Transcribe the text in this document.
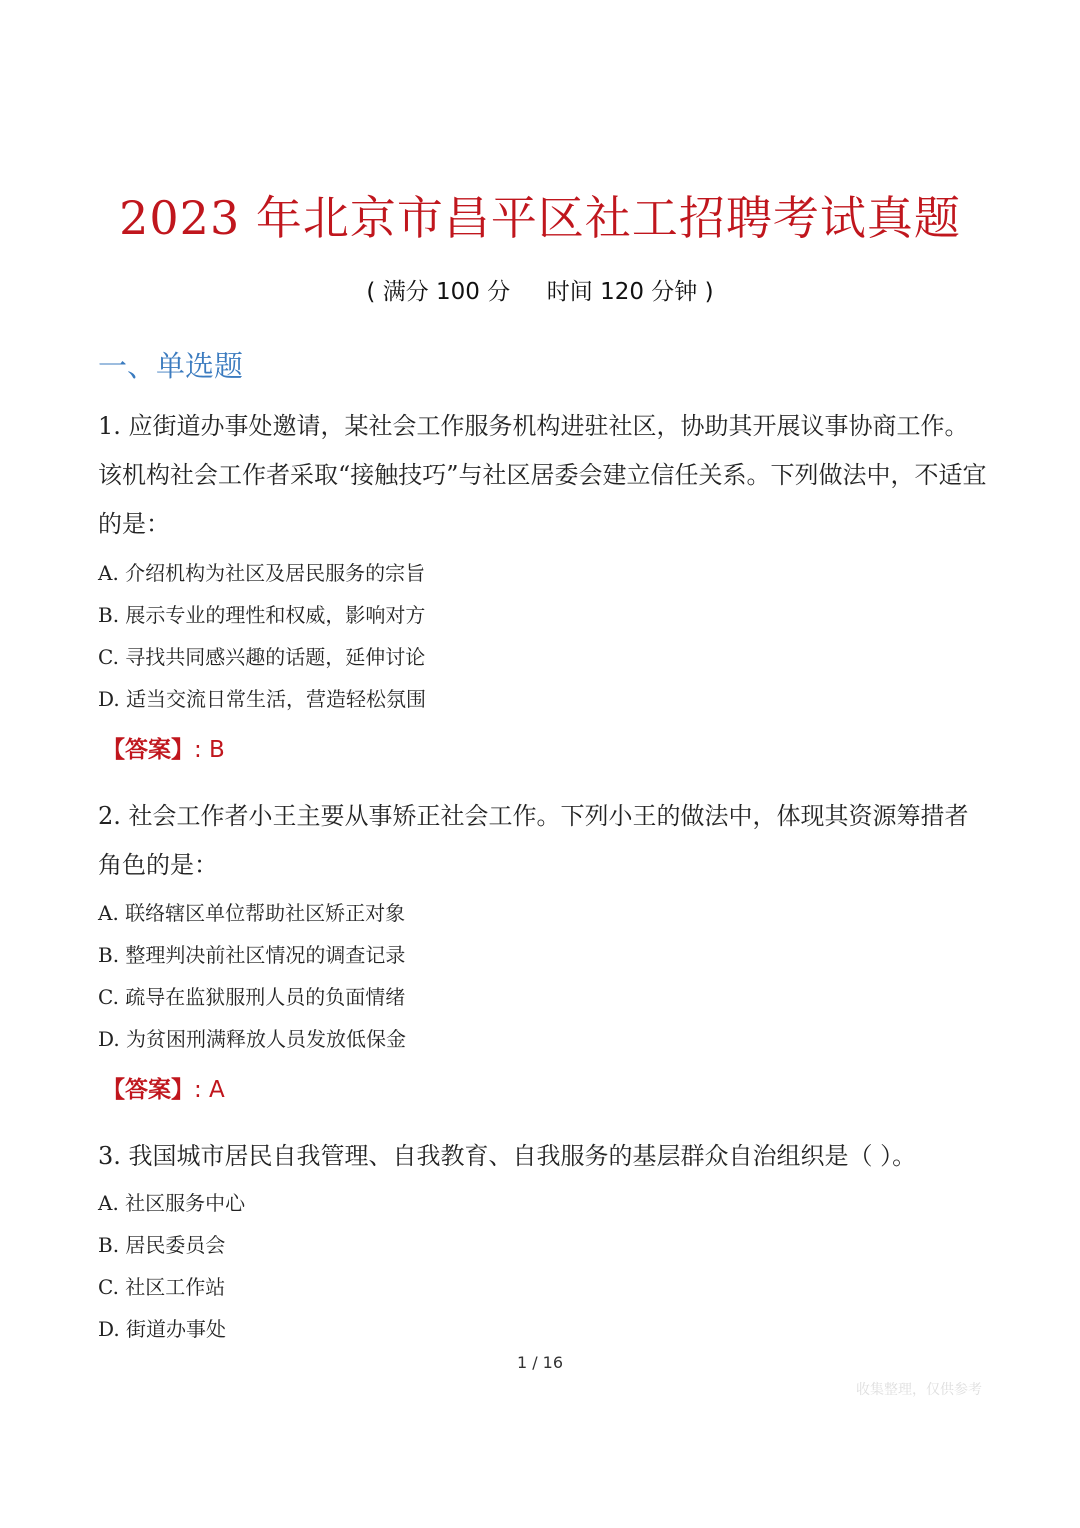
2023 年北京市昌平区社工招聘考试真题
( 满分 100 分     时间 120 分钟 )
一、单选题

1. 应街道办事处邀请，某社会工作服务机构进驻社区，协助其开展议事协商工作。该机构社会工作者采取“接触技巧”与社区居委会建立信任关系。下列做法中，不适宜的是：

A. 介绍机构为社区及居民服务的宗旨
B. 展示专业的理性和权威，影响对方
C. 寻找共同感兴趣的话题，延伸讨论
D. 适当交流日常生活，营造轻松氛围
【答案】: B

2. 社会工作者小王主要从事矫正社会工作。下列小王的做法中，体现其资源筹措者角色的是：

A. 联络辖区单位帮助社区矫正对象
B. 整理判决前社区情况的调查记录
C. 疏导在监狱服刑人员的负面情绪
D. 为贫困刑满释放人员发放低保金
【答案】: A

3. 我国城市居民自我管理、自我教育、自我服务的基层群众自治组织是（ ）。

A. 社区服务中心
B. 居民委员会
C. 社区工作站
D. 街道办事处
1 / 16
收集整理，仅供参考
